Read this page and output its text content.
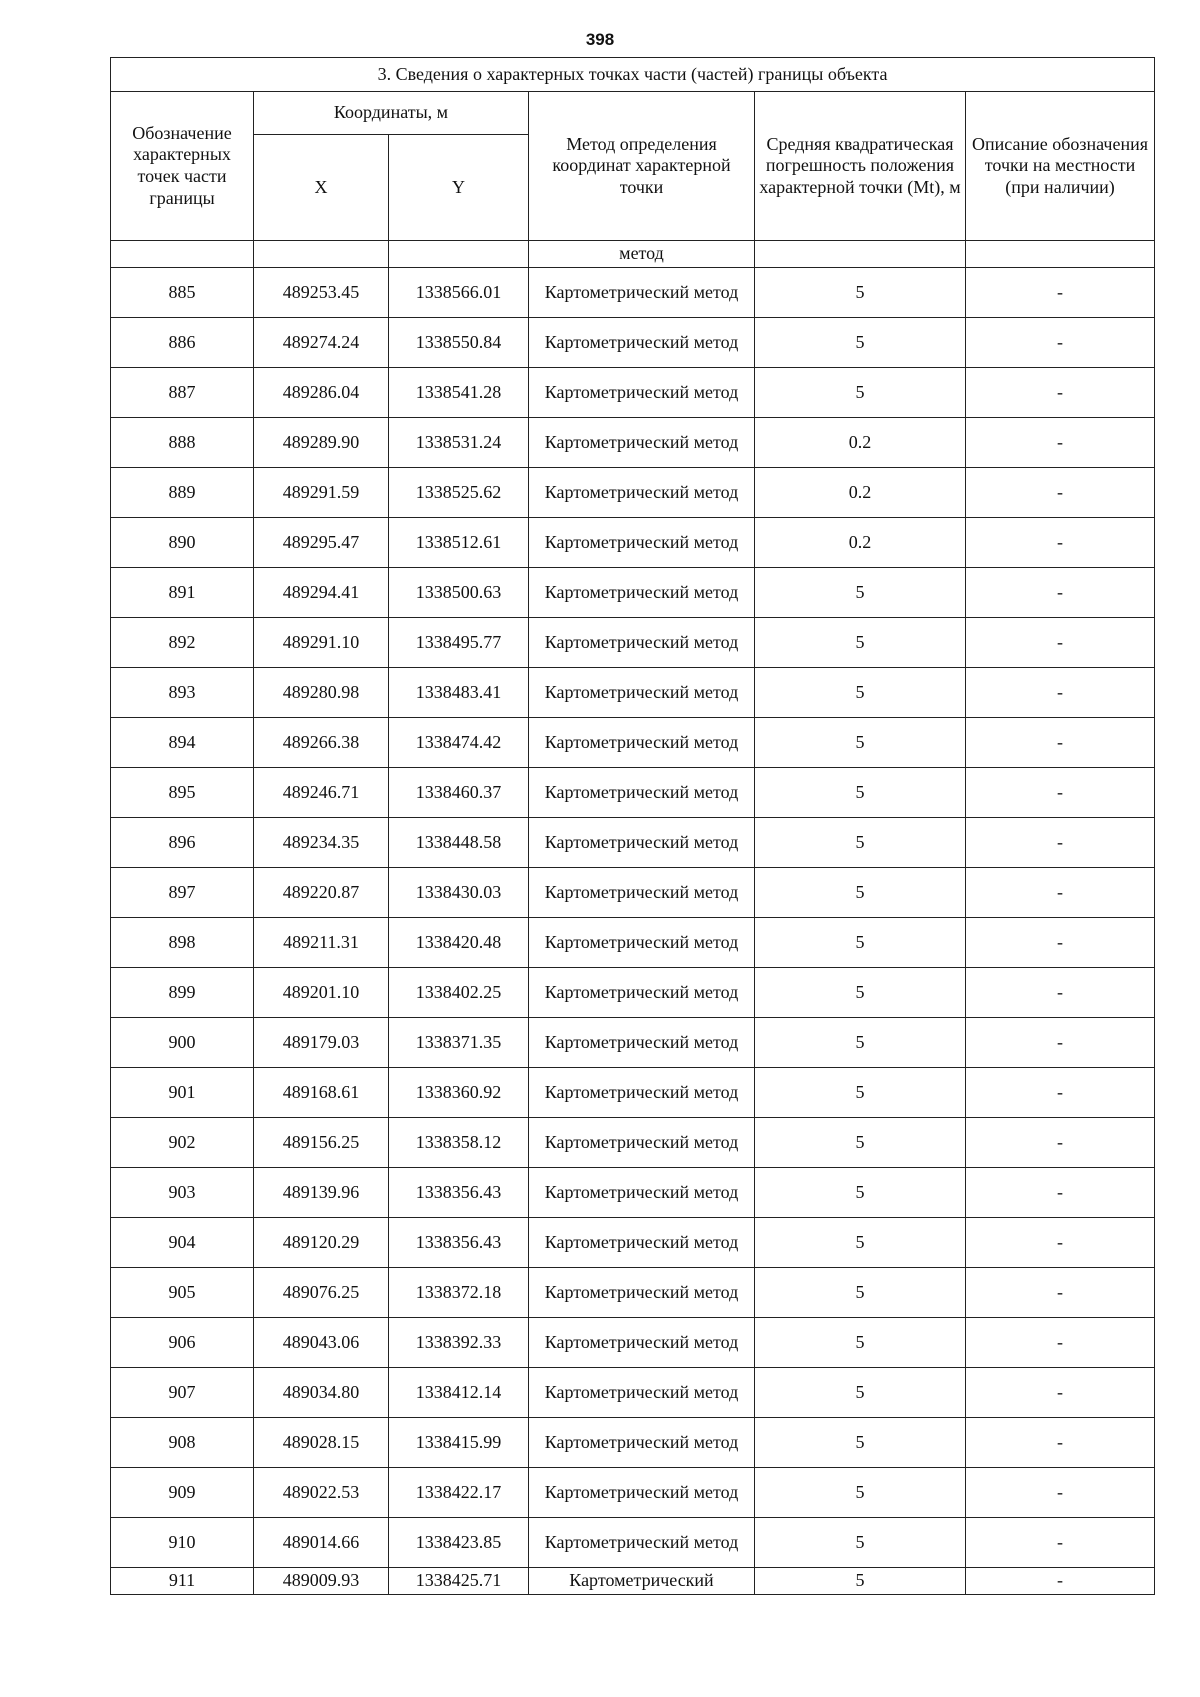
398
3. Сведения о характерных точках части (частей) границы объекта					
Обозначение характерных точек части границы	Координаты, м		Метод определения координат характерной точки	Средняя квадратическая погрешность положения характерной точки (Mt), м	Описание обозначения точки на местности (при наличии)
	X	Y			
			метод		
885	489253.45	1338566.01	Картометрический метод	5	-
886	489274.24	1338550.84	Картометрический метод	5	-
887	489286.04	1338541.28	Картометрический метод	5	-
888	489289.90	1338531.24	Картометрический метод	0.2	-
889	489291.59	1338525.62	Картометрический метод	0.2	-
890	489295.47	1338512.61	Картометрический метод	0.2	-
891	489294.41	1338500.63	Картометрический метод	5	-
892	489291.10	1338495.77	Картометрический метод	5	-
893	489280.98	1338483.41	Картометрический метод	5	-
894	489266.38	1338474.42	Картометрический метод	5	-
895	489246.71	1338460.37	Картометрический метод	5	-
896	489234.35	1338448.58	Картометрический метод	5	-
897	489220.87	1338430.03	Картометрический метод	5	-
898	489211.31	1338420.48	Картометрический метод	5	-
899	489201.10	1338402.25	Картометрический метод	5	-
900	489179.03	1338371.35	Картометрический метод	5	-
901	489168.61	1338360.92	Картометрический метод	5	-
902	489156.25	1338358.12	Картометрический метод	5	-
903	489139.96	1338356.43	Картометрический метод	5	-
904	489120.29	1338356.43	Картометрический метод	5	-
905	489076.25	1338372.18	Картометрический метод	5	-
906	489043.06	1338392.33	Картометрический метод	5	-
907	489034.80	1338412.14	Картометрический метод	5	-
908	489028.15	1338415.99	Картометрический метод	5	-
909	489022.53	1338422.17	Картометрический метод	5	-
910	489014.66	1338423.85	Картометрический метод	5	-
911	489009.93	1338425.71	Картометрический	5	-
